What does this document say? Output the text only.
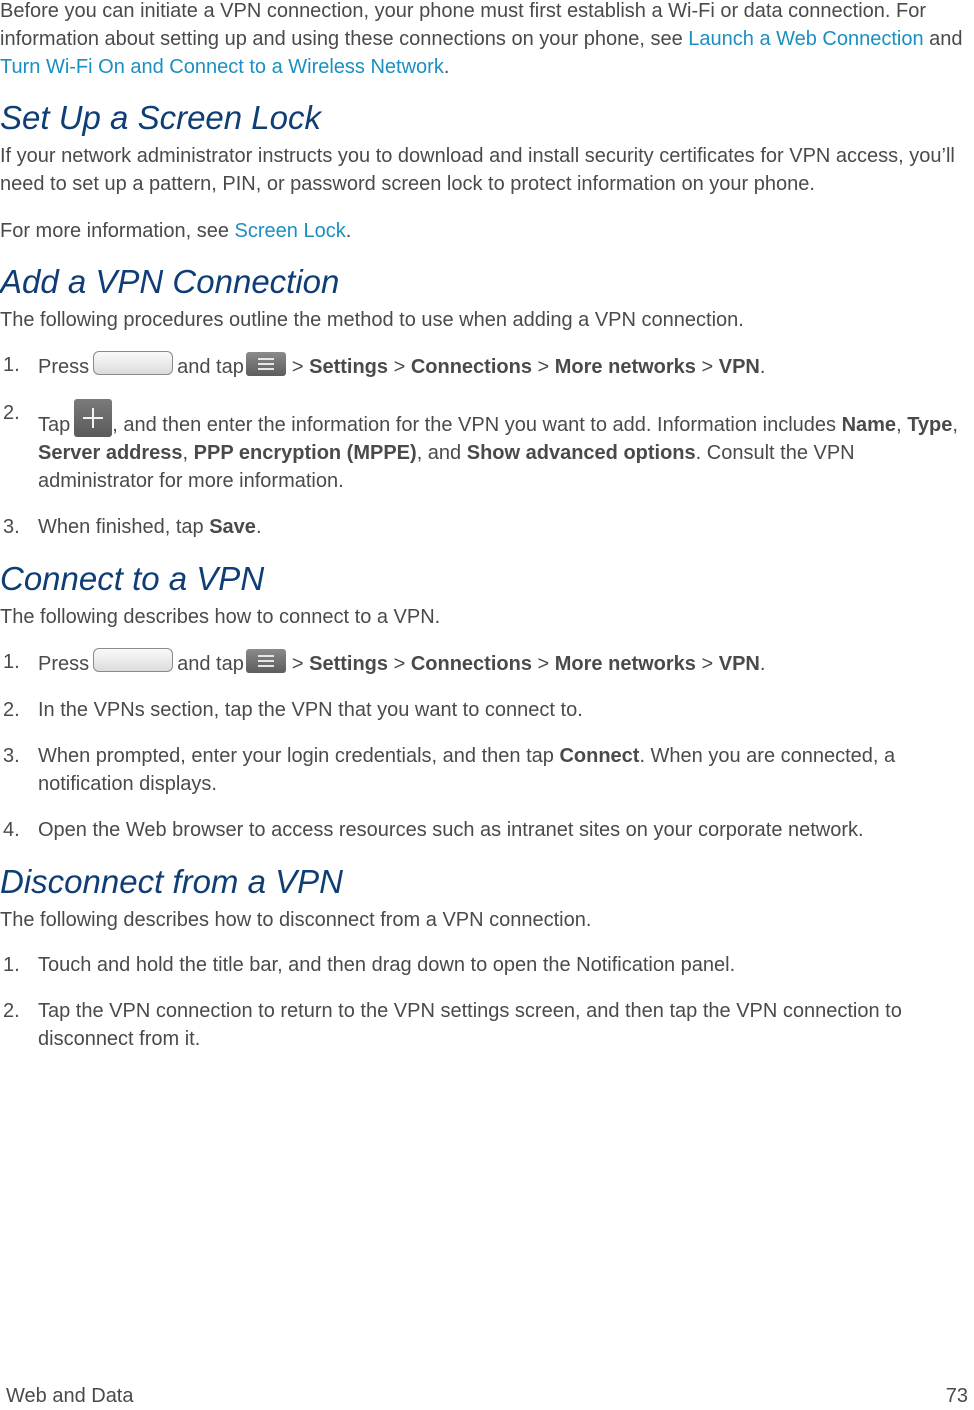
Before you can initiate a VPN connection, your phone must first establish a Wi-Fi or data connection. For information about setting up and using these connections on your phone, see Launch a Web Connection and Turn Wi-Fi On and Connect to a Wireless Network.

Set Up a Screen Lock

If your network administrator instructs you to download and install security certificates for VPN access, you’ll need to set up a pattern, PIN, or password screen lock to protect information on your phone.

For more information, see Screen Lock.

Add a VPN Connection

The following procedures outline the method to use when adding a VPN connection.

1. Press	and tap > Settings > Connections > More networks > VPN.
2.
Tap , and then enter the information for the VPN you want to add. Information includes Name, Type, Server address, PPP encryption (MPPE), and Show advanced options. Consult the VPN administrator for more information.
3. When finished, tap Save.
Connect to a VPN

The following describes how to connect to a VPN.

1. Press	and tap > Settings > Connections > More networks > VPN.
2. In the VPNs section, tap the VPN that you want to connect to.
3. When prompted, enter your login credentials, and then tap Connect. When you are connected, a notification displays.
4. Open the Web browser to access resources such as intranet sites on your corporate network.
Disconnect from a VPN

The following describes how to disconnect from a VPN connection.

1. Touch and hold the title bar, and then drag down to open the Notification panel.
2. Tap the VPN connection to return to the VPN settings screen, and then tap the VPN connection to disconnect from it.
Web and Data	73
